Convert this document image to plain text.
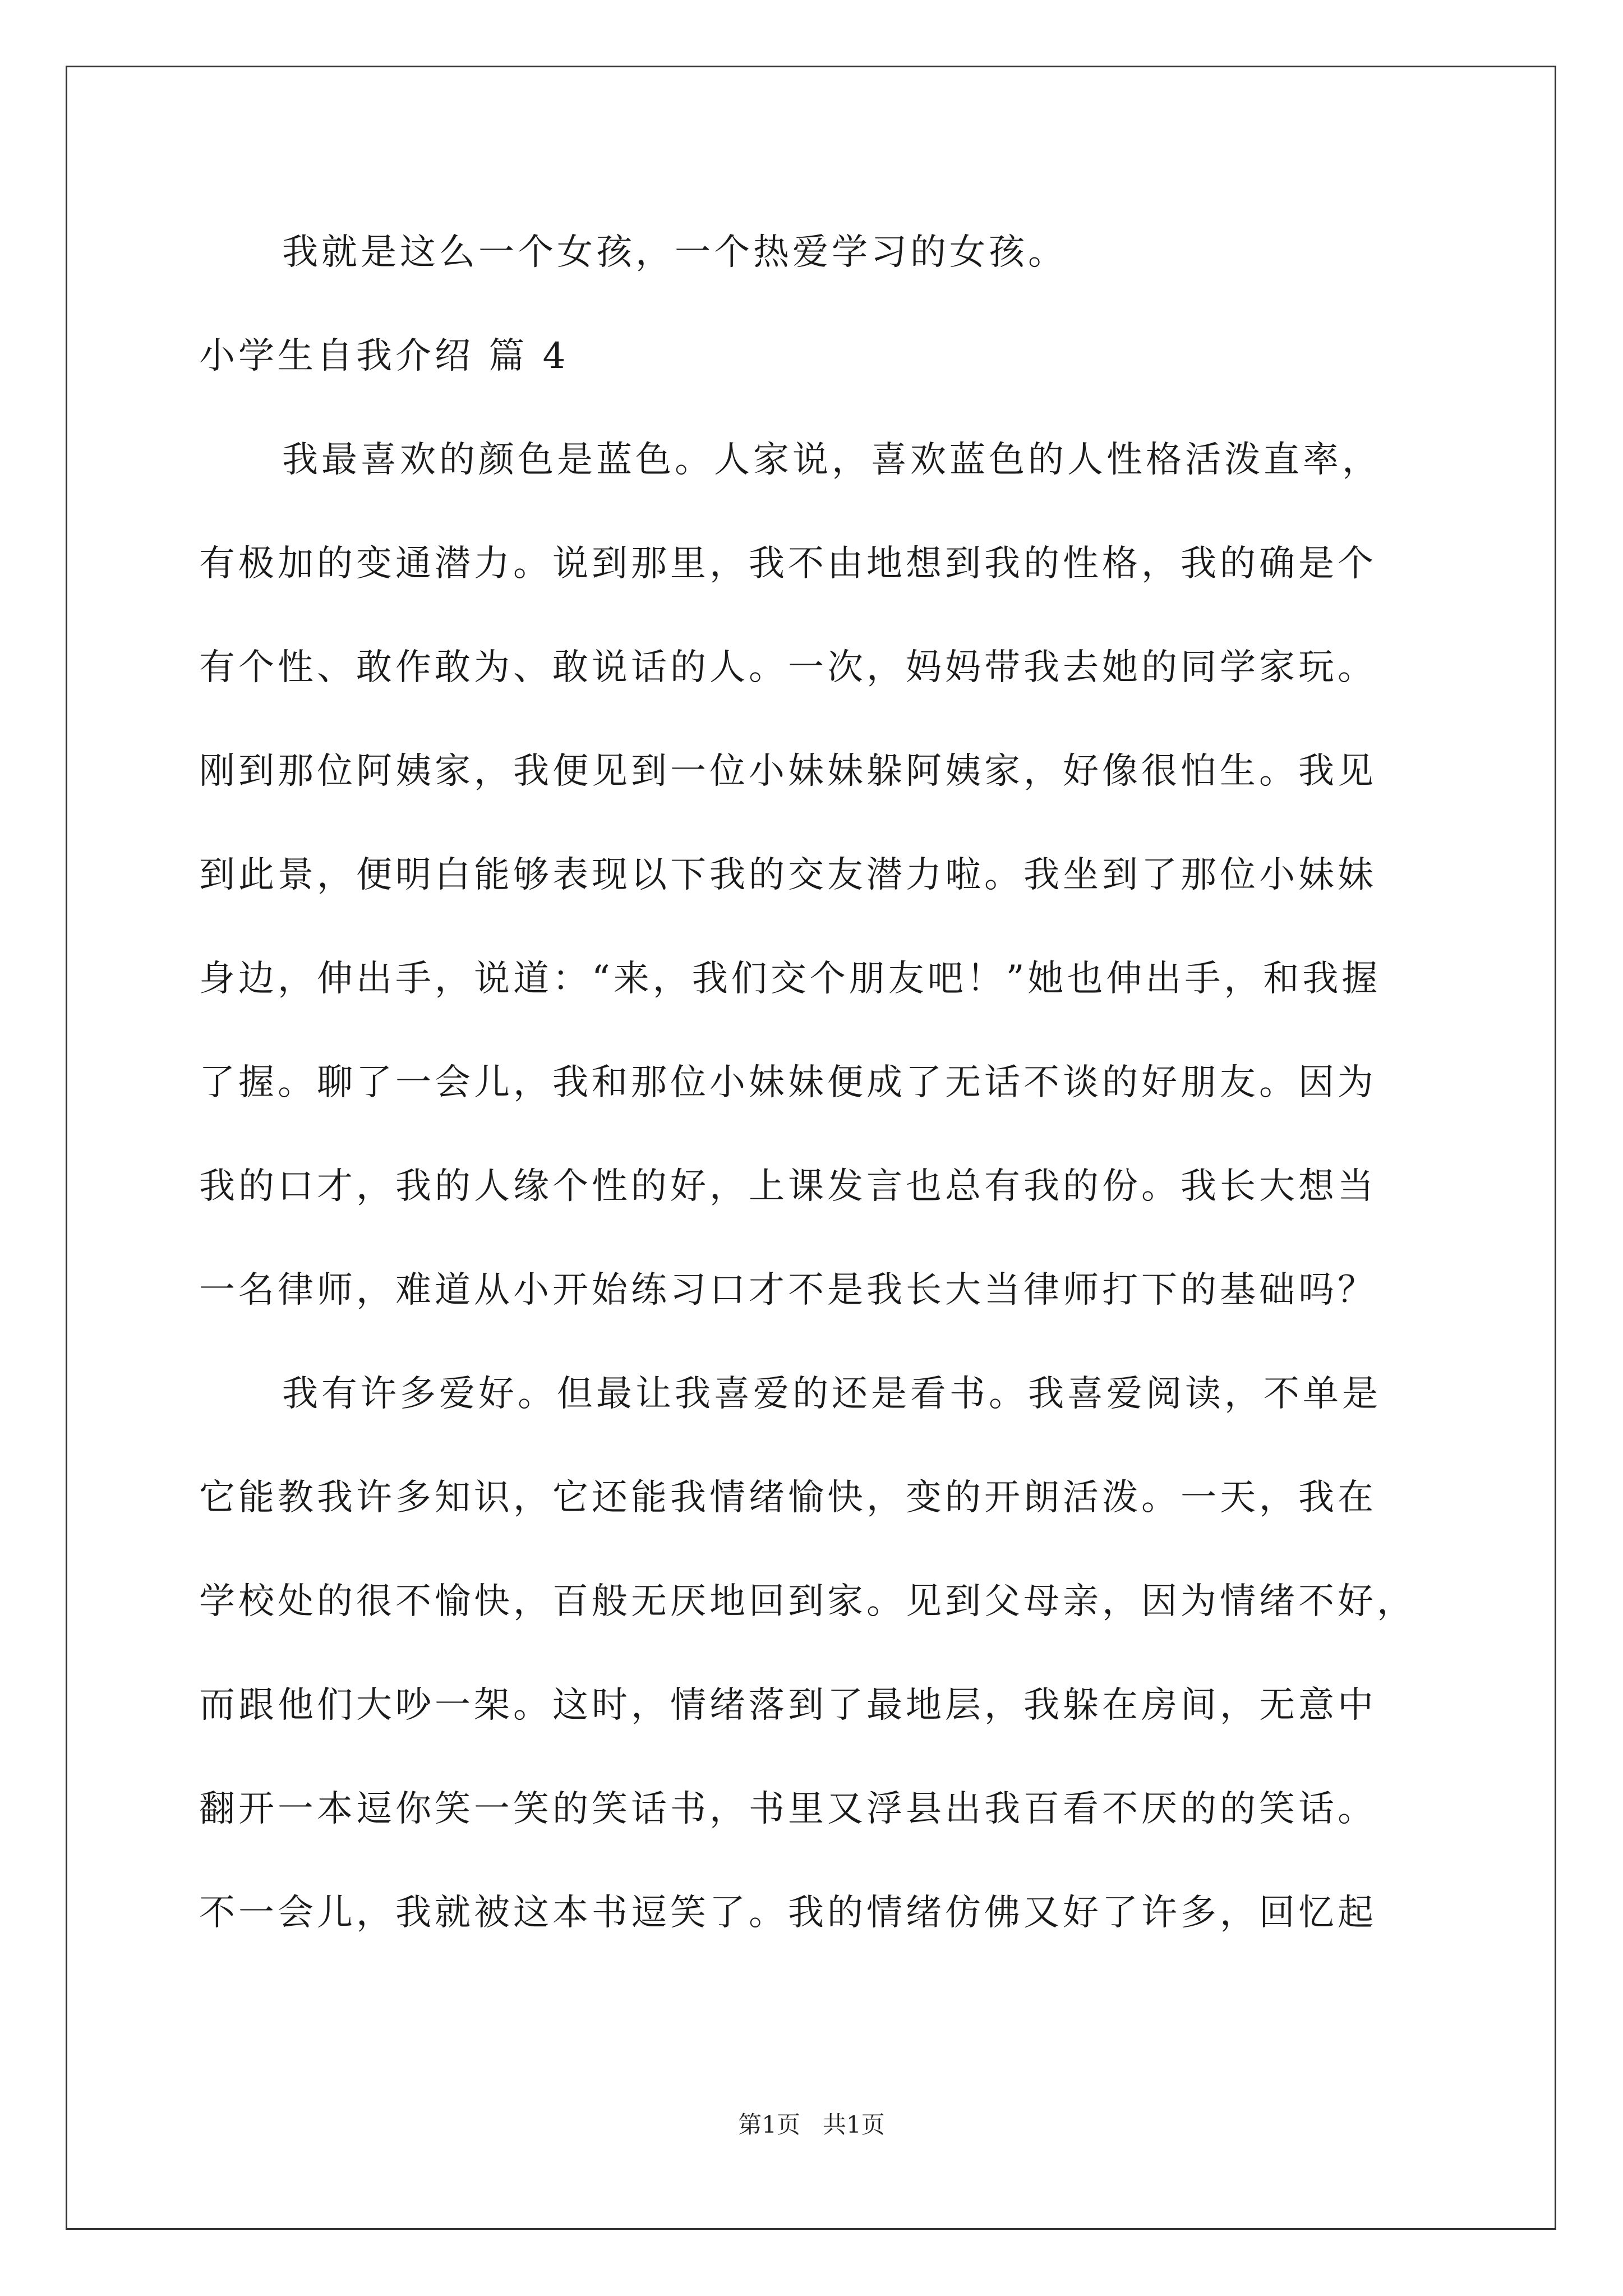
我就是这么一个女孩，一个热爱学习的女孩。
小学生自我介绍 篇 4
我最喜欢的颜色是蓝色。人家说，喜欢蓝色的人性格活泼直率，
有极加的变通潜力。说到那里，我不由地想到我的性格，我的确是个
有个性、敢作敢为、敢说话的人。一次，妈妈带我去她的同学家玩。
刚到那位阿姨家，我便见到一位小妹妹躲阿姨家，好像很怕生。我见
到此景，便明白能够表现以下我的交友潜力啦。我坐到了那位小妹妹
身边，伸出手，说道：“来，我们交个朋友吧！”她也伸出手，和我握
了握。聊了一会儿，我和那位小妹妹便成了无话不谈的好朋友。因为
我的口才，我的人缘个性的好，上课发言也总有我的份。我长大想当
一名律师，难道从小开始练习口才不是我长大当律师打下的基础吗？
我有许多爱好。但最让我喜爱的还是看书。我喜爱阅读，不单是
它能教我许多知识，它还能我情绪愉快，变的开朗活泼。一天，我在
学校处的很不愉快，百般无厌地回到家。见到父母亲，因为情绪不好，
而跟他们大吵一架。这时，情绪落到了最地层，我躲在房间，无意中
翻开一本逗你笑一笑的笑话书，书里又浮县出我百看不厌的的笑话。
不一会儿，我就被这本书逗笑了。我的情绪仿佛又好了许多，回忆起
第1页   共1页
